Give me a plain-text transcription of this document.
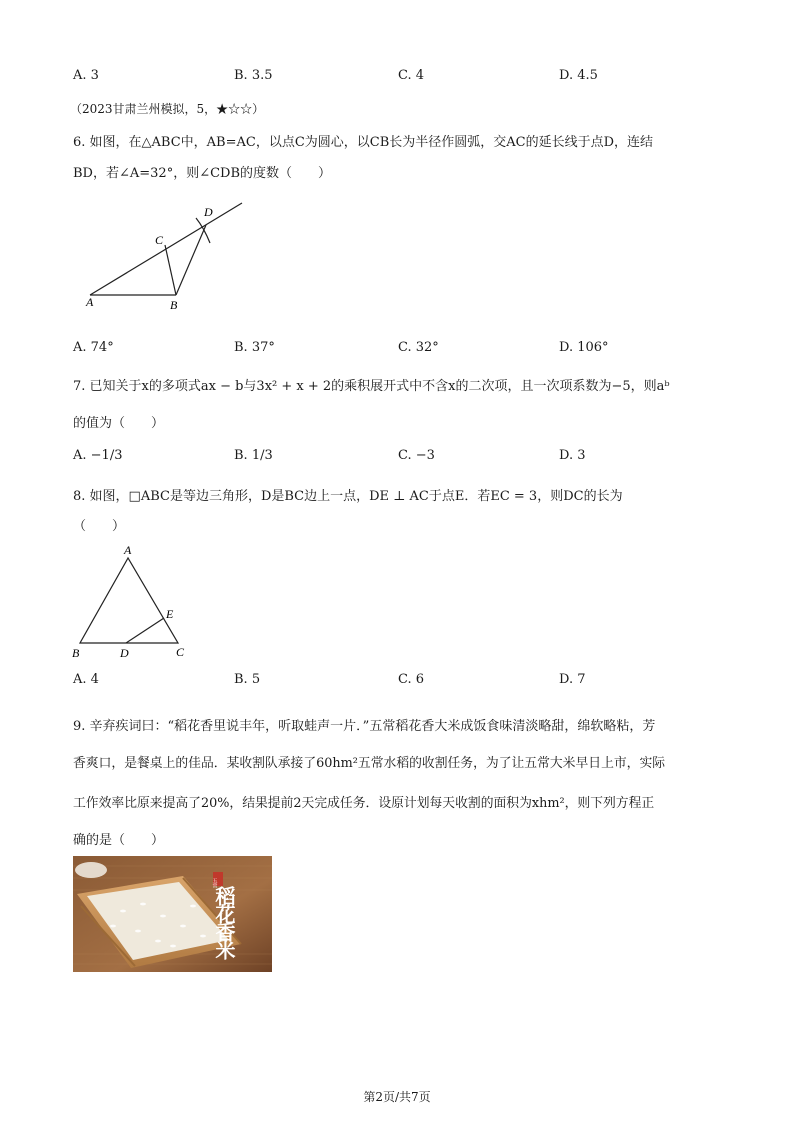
A. 3	B. 3.5	C. 4	D. 4.5
（2023甘肃兰州模拟，5，★☆☆）
6. 如图，在△ABC中，AB=AC，以点C为圆心，以CB长为半径作圆弧，交AC的延长线于点D，连结
BD，若∠A=32°，则∠CDB的度数（　　）
A	B
C
D
A. 74°	B. 37°	C. 32°	D. 106°
7. 已知关于x的多项式ax − b与3x² + x + 2的乘积展开式中不含x的二次项，且一次项系数为−5，则aᵇ
的值为（　　）
A. −1/3	B. 1/3	C. −3	D. 3
8. 如图，□ABC是等边三角形，D是BC边上一点，DE ⊥ AC于点E．若EC = 3，则DC的长为
（　　）
A
B	D	C
E
A. 4	B. 5	C. 6	D. 7
9. 辛弃疾词曰：“稻花香里说丰年，听取蛙声一片．”五常稻花香大米成饭食味清淡略甜，绵软略粘，芳
香爽口，是餐桌上的佳品．某收割队承接了60hm²五常水稻的收割任务，为了让五常大米早日上市，实际
工作效率比原来提高了20%，结果提前2天完成任务．设原计划每天收割的面积为xhm²，则下列方程正
确的是（　　）
五常
稻花香米
第2页/共7页
